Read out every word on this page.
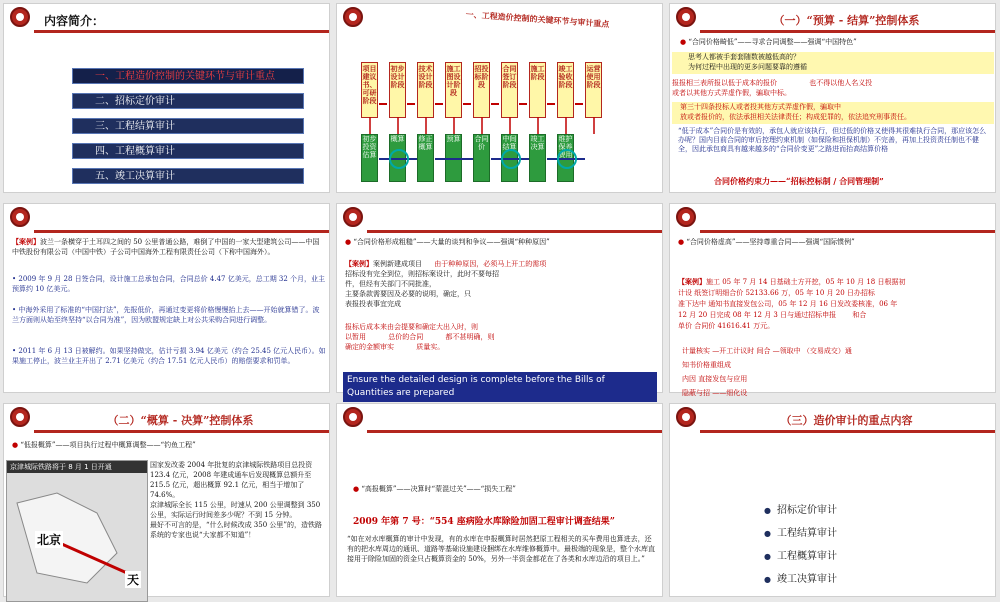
内容简介：
一、工程造价控制的关键环节与审计重点
二、招标定价审计
三、工程结算审计
四、工程概算审计
五、竣工决算审计
一、工程造价控制的关键环节与审计重点
项目建议书、可研阶段
初步设计阶段
技术设计阶段
施工图设计阶段
招投标阶段
合同签订阶段
施工阶段
竣工验收阶段
运营使用阶段
初步投资估算
概算 修正概算
预算 合同价
中间结算
竣工决算
维护保养费用
（一）“预算 - 结算”控制体系
● “合同价格畸低”——寻求合同调整——强调“中国特色”
思考人都被手套套随数被越低高的？
为何过程中出现的更多问题要靠的遵循
报报相三表所报以低于成本的报价	也不得以他人名义投
或者以其他方式弄虚作假，骗取中标。
第三十四条投标人或者投其他方式弄虚作假，骗取中
放或者报价的，依法承担相关法律责任；构成犯罪的，依法追究刑事责任。
“低于成本”合同价是有效的，承包人就应该执行，但过低的价格又使得其很难执行合同，那应该怎么办呢？国内目前合同的审后控理约束机制（如保险和担保机制）不完善，再加上投资责任制也不健全，因此承包商具有越来越多的“合同价变更”之路进而抬高结算价格
合同价格约束力——“招标控标制 / 合同管理制”
【案例】波兰一条横穿于土耳四之间的 50 公里普通公路，难倒了中国的一家大型建筑公司——中国中铁股份有限公司（中国中铁）子公司中国海外工程有限责任公司（下称中国海外）。
• 2009 年 9 月 28 日签合同，设计施工总承包合同，合同总价 4.47 亿美元，总工期 32 个月，业主预算约 10 亿美元。
• 中海外采用了标准的“中国打法”，先报低价，再通过变更将价格慢慢抬上去——开始就算错了。波兰方面则从始至终坚持“以合同为准”，因为欧盟规定缺上对公共采购合同进行调整。
• 2011 年 6 月 13 日被解约。如果坚持做完，估计亏损 3.94 亿美元（约合 25.45 亿元人民币）。如果施工停止，波兰业主开出了 2.71 亿美元（约合 17.51 亿元人民币）的赔偿要求和罚单。
● “合同价格形成粗糙”——大量的谈判和争议——强调“种种原因”
【案例】案例新建成项目 由于种种原因，必须马上开工的需项
招标没有完全到位，则招标案设计，此时不要每招
件，但经有关部门不同批准，
主要条款需要因及必要的说明，确定，只
表报投表事宜完成
报标后成本来由会提要和确定大出入时，则
以暂用	总价的合同	都不甚明确，则
确定的金额审实	质量实。
Ensure the detailed design is complete before the Bills of Quantities are prepared
● “合同价格虚高”——坚持尊重合同——强调“国际惯例”
【案例】施工 05 年 7 月 14 日基础土方开挖，05 年 10 月 18 日根据初
计设 纸签订明细合价 52133.66 万，05 年 10 月 20 日办招标
准下达中 通知书直接发包公司，05 年 12 月 16 日发改委核准，06 年
12 月 20 日完成 08 年 12 月 3 日与通过招标申报 和合
单价 合同价 41616.41 万元。
计量核实 —开工计议时 间合 —领取中 （交易成交）通
知书价格重组成
内因 直接发包与应用
隐蔽与招 ——细化设
（二）“概算 - 决算”控制体系
● “低报概算”——项目执行过程中概算调整——“钓鱼工程”
京津城际铁路将于 8 月 1 日开通
北京
天
国家发改委 2004 年批复的京津城际铁路项目总投资 123.4 亿元，2008 年建成通车后发现概算总额升至 215.5 亿元，超出概算 92.1 亿元，相当于增加了 74.6%。
京津城际全长 115 公里，时速从 200 公里调整到 350 公里，实际运行时间差多少呢？不到 15 分钟。
最好不可言的是，“什么时候改成 350 公里”的，造铁路系统的专家也说“大家都不知道”！
● “高报概算”——决算时“蒙混过关”——“损失工程”
2009 年第 7 号：“554 座病险水库除险加固工程审计调查结果”
“如在对水库概算的审计中发现，有的水库在申报概算时居然把原工程相关的买车费用也算进去，还有的把水库周边的通讯、道路等基础设施建设捆绑在水库维修概算中。最极端的现象是，整个水库直接用于除险加固的资金只占概算资金的 50%，另外一半资金都花在了各类和水库边沿的项目上。”
（三）造价审计的重点内容
● 招标定价审计
● 工程结算审计
● 工程概算审计
● 竣工决算审计
